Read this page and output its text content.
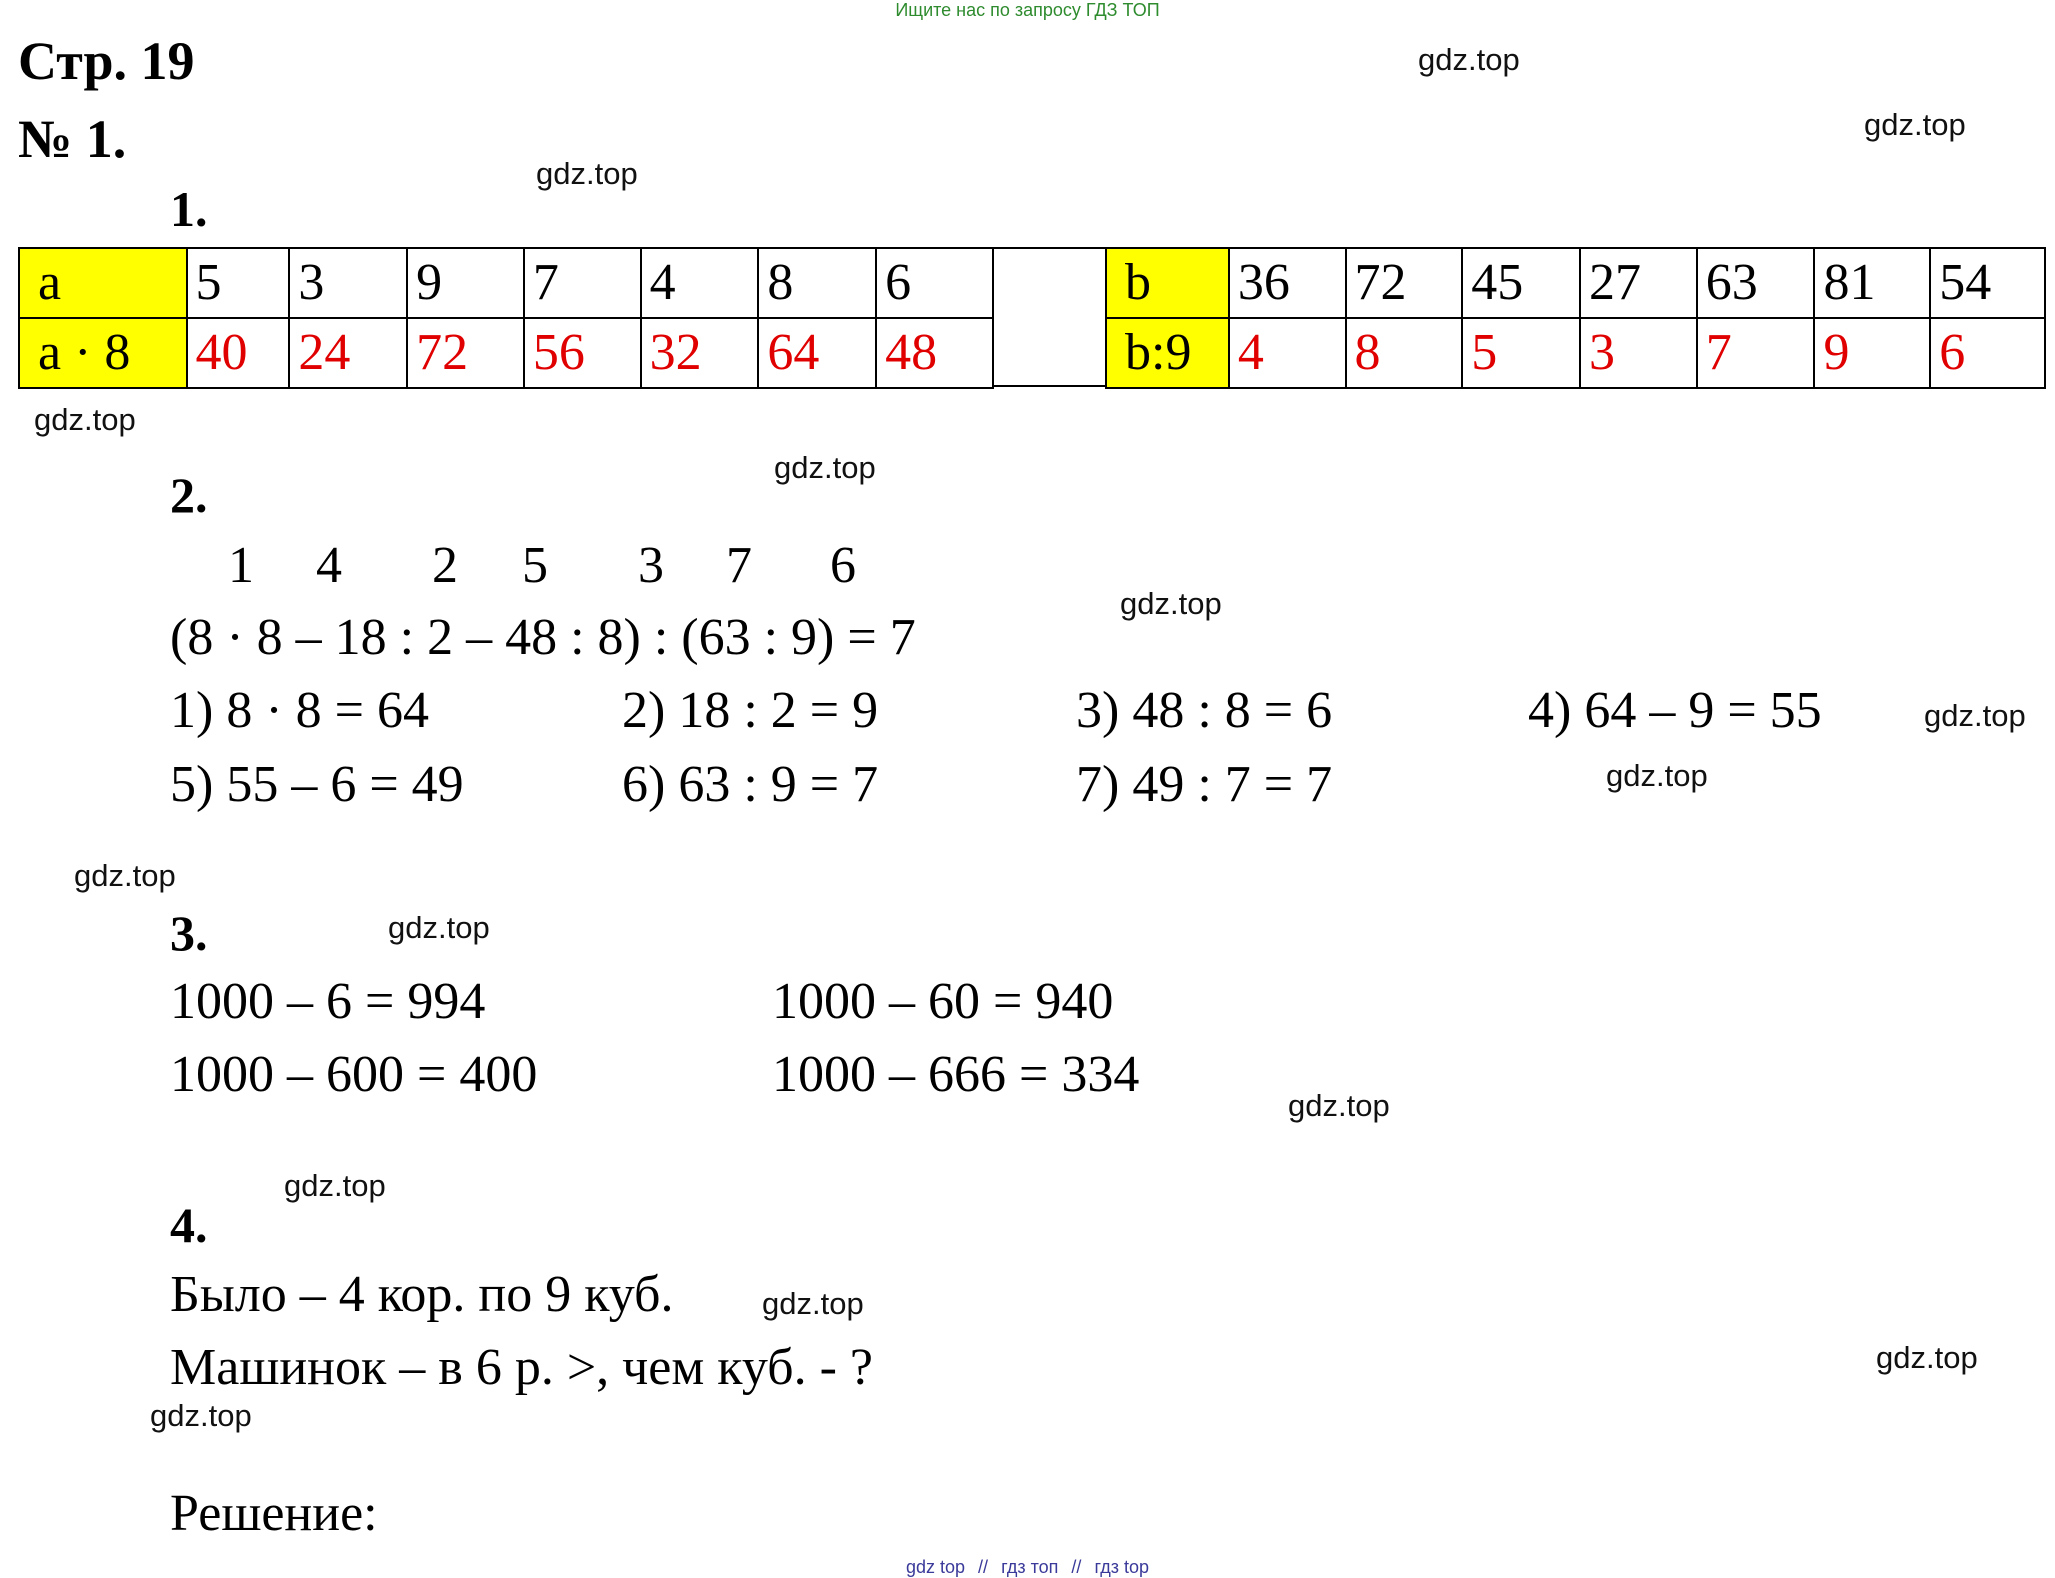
Ищите нас по запросу ГДЗ ТОП
Стр. 19
№ 1.
1.
a	5	3	9	7	4	8	6
a · 8	40	24	72	56	32	64	48
b	36	72	45	27	63	81	54
b:9	4	8	5	3	7	9	6
2.
1 4 2 5 3 7 6
(8 · 8 – 18 : 2 – 48 : 8) : (63 : 9) = 7
1) 8 · 8 = 64	2) 18 : 2 = 9	3) 48 : 8 = 6	4) 64 – 9 = 55
5) 55 – 6 = 49	6) 63 : 9 = 7	7) 49 : 7 = 7
3.
1000 – 6 = 994	1000 – 60 = 940
1000 – 600 = 400	1000 – 666 = 334
4.
Было – 4 кор. по 9 куб.
Машинок – в 6 р. >, чем куб. - ?
Решение:
gdz.top
gdz.top
gdz.top
gdz.top
gdz.top
gdz.top
gdz.top
gdz.top
gdz.top
gdz.top
gdz.top
gdz.top
gdz.top
gdz.top
gdz.top
gdz top // гдз топ // гдз top
